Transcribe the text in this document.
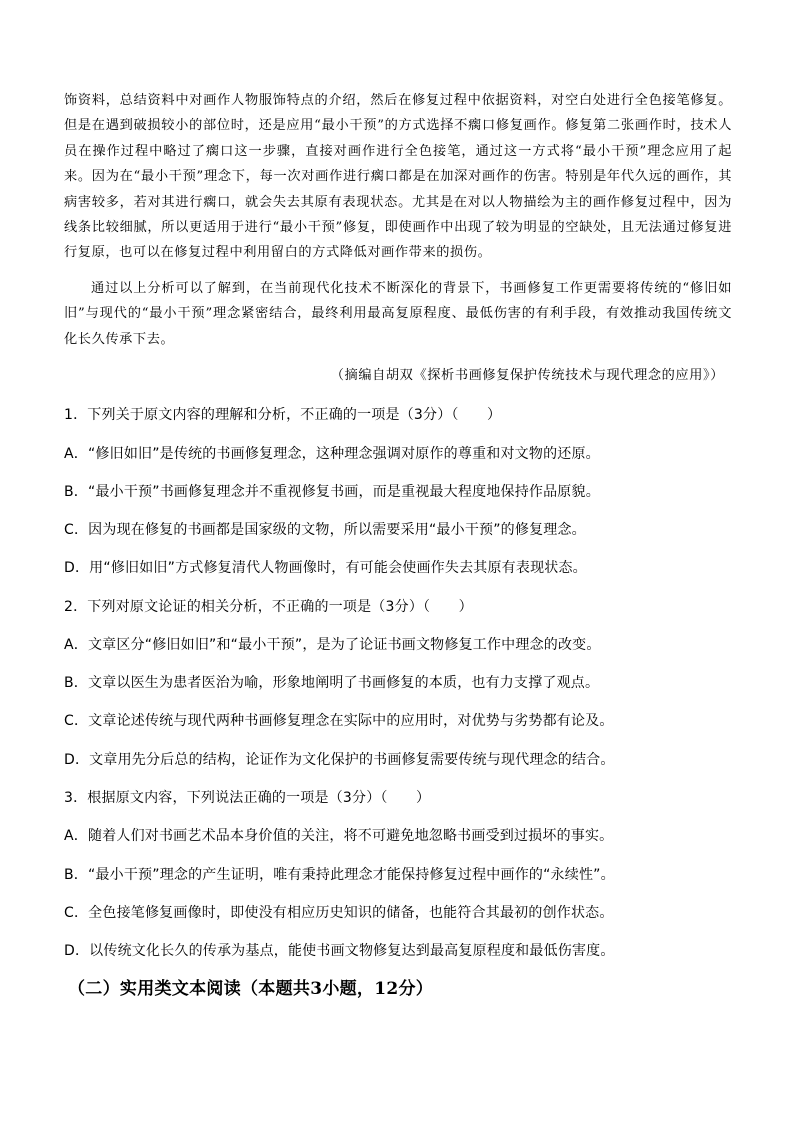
饰资料，总结资料中对画作人物服饰特点的介绍，然后在修复过程中依据资料，对空白处进行全色接笔修复。但是在遇到破损较小的部位时，还是应用“最小干预”的方式选择不瘸口修复画作。修复第二张画作时，技术人员在操作过程中略过了瘸口这一步骤，直接对画作进行全色接笔，通过这一方式将“最小干预”理念应用了起来。因为在“最小干预”理念下，每一次对画作进行瘸口都是在加深对画作的伤害。特别是年代久远的画作，其病害较多，若对其进行瘸口，就会失去其原有表现状态。尤其是在对以人物描绘为主的画作修复过程中，因为线条比较细腻，所以更适用于进行“最小干预”修复，即使画作中出现了较为明显的空缺处，且无法通过修复进行复原，也可以在修复过程中利用留白的方式降低对画作带来的损伤。
通过以上分析可以了解到，在当前现代化技术不断深化的背景下，书画修复工作更需要将传统的“修旧如旧”与现代的“最小干预”理念紧密结合，最终利用最高复原程度、最低伤害的有利手段，有效推动我国传统文化长久传承下去。
（摘编自胡双《探析书画修复保护传统技术与现代理念的应用》）
1．下列关于原文内容的理解和分析，不正确的一项是（3分）（　　）
A．“修旧如旧”是传统的书画修复理念，这种理念强调对原作的尊重和对文物的还原。
B．“最小干预”书画修复理念并不重视修复书画，而是重视最大程度地保持作品原貌。
C．因为现在修复的书画都是国家级的文物，所以需要采用“最小干预”的修复理念。
D．用“修旧如旧”方式修复清代人物画像时，有可能会使画作失去其原有表现状态。
2．下列对原文论证的相关分析，不正确的一项是（3分）（　　）
A．文章区分“修旧如旧”和“最小干预”，是为了论证书画文物修复工作中理念的改变。
B．文章以医生为患者医治为喻，形象地阐明了书画修复的本质，也有力支撑了观点。
C．文章论述传统与现代两种书画修复理念在实际中的应用时，对优势与劣势都有论及。
D．文章用先分后总的结构，论证作为文化保护的书画修复需要传统与现代理念的结合。
3．根据原文内容，下列说法正确的一项是（3分）（　　）
A．随着人们对书画艺术品本身价值的关注，将不可避免地忽略书画受到过损坏的事实。
B．“最小干预”理念的产生证明，唯有秉持此理念才能保持修复过程中画作的“永续性”。
C．全色接笔修复画像时，即使没有相应历史知识的储备，也能符合其最初的创作状态。
D．以传统文化长久的传承为基点，能使书画文物修复达到最高复原程度和最低伤害度。
（二）实用类文本阅读（本题共3小题，12分）
